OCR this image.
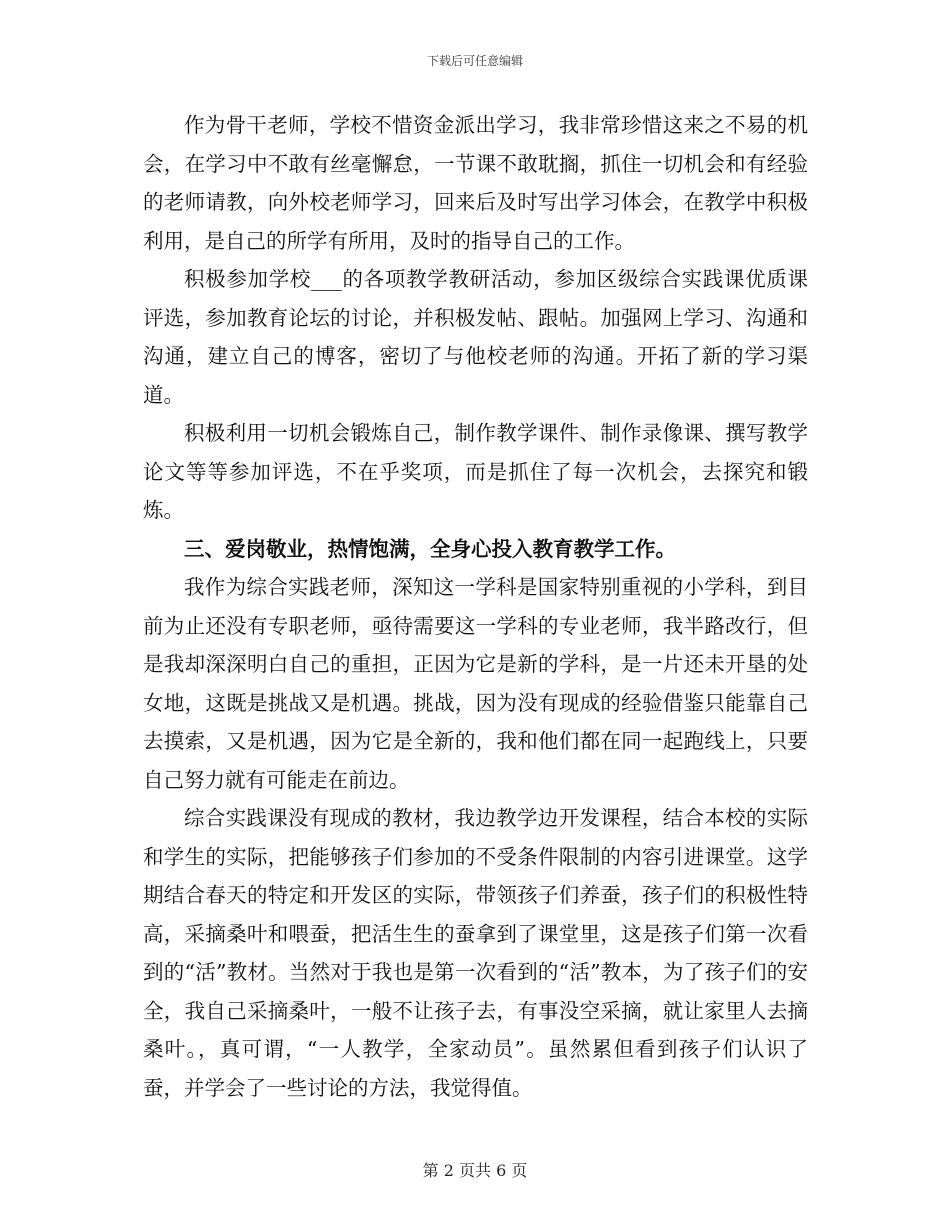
下载后可任意编辑

作为骨干老师，学校不惜资金派出学习，我非常珍惜这来之不易的机会，在学习中不敢有丝毫懈怠，一节课不敢耽搁，抓住一切机会和有经验的老师请教，向外校老师学习，回来后及时写出学习体会，在教学中积极利用，是自己的所学有所用，及时的指导自己的工作。

积极参加学校___的各项教学教研活动，参加区级综合实践课优质课评选，参加教育论坛的讨论，并积极发帖、跟帖。加强网上学习、沟通和沟通，建立自己的博客，密切了与他校老师的沟通。开拓了新的学习渠道。

积极利用一切机会锻炼自己，制作教学课件、制作录像课、撰写教学论文等等参加评选，不在乎奖项，而是抓住了每一次机会，去探究和锻炼。

三、爱岗敬业，热情饱满，全身心投入教育教学工作。

我作为综合实践老师，深知这一学科是国家特别重视的小学科，到目前为止还没有专职老师，亟待需要这一学科的专业老师，我半路改行，但是我却深深明白自己的重担，正因为它是新的学科，是一片还未开垦的处女地，这既是挑战又是机遇。挑战，因为没有现成的经验借鉴只能靠自己去摸索，又是机遇，因为它是全新的，我和他们都在同一起跑线上，只要自己努力就有可能走在前边。

综合实践课没有现成的教材，我边教学边开发课程，结合本校的实际和学生的实际，把能够孩子们参加的不受条件限制的内容引进课堂。这学期结合春天的特定和开发区的实际，带领孩子们养蚕，孩子们的积极性特高，采摘桑叶和喂蚕，把活生生的蚕拿到了课堂里，这是孩子们第一次看到的“活”教材。当然对于我也是第一次看到的“活”教本，为了孩子们的安全，我自己采摘桑叶，一般不让孩子去，有事没空采摘，就让家里人去摘桑叶。，真可谓，“一人教学，全家动员”。虽然累但看到孩子们认识了蚕，并学会了一些讨论的方法，我觉得值。

第 2 页共 6 页
